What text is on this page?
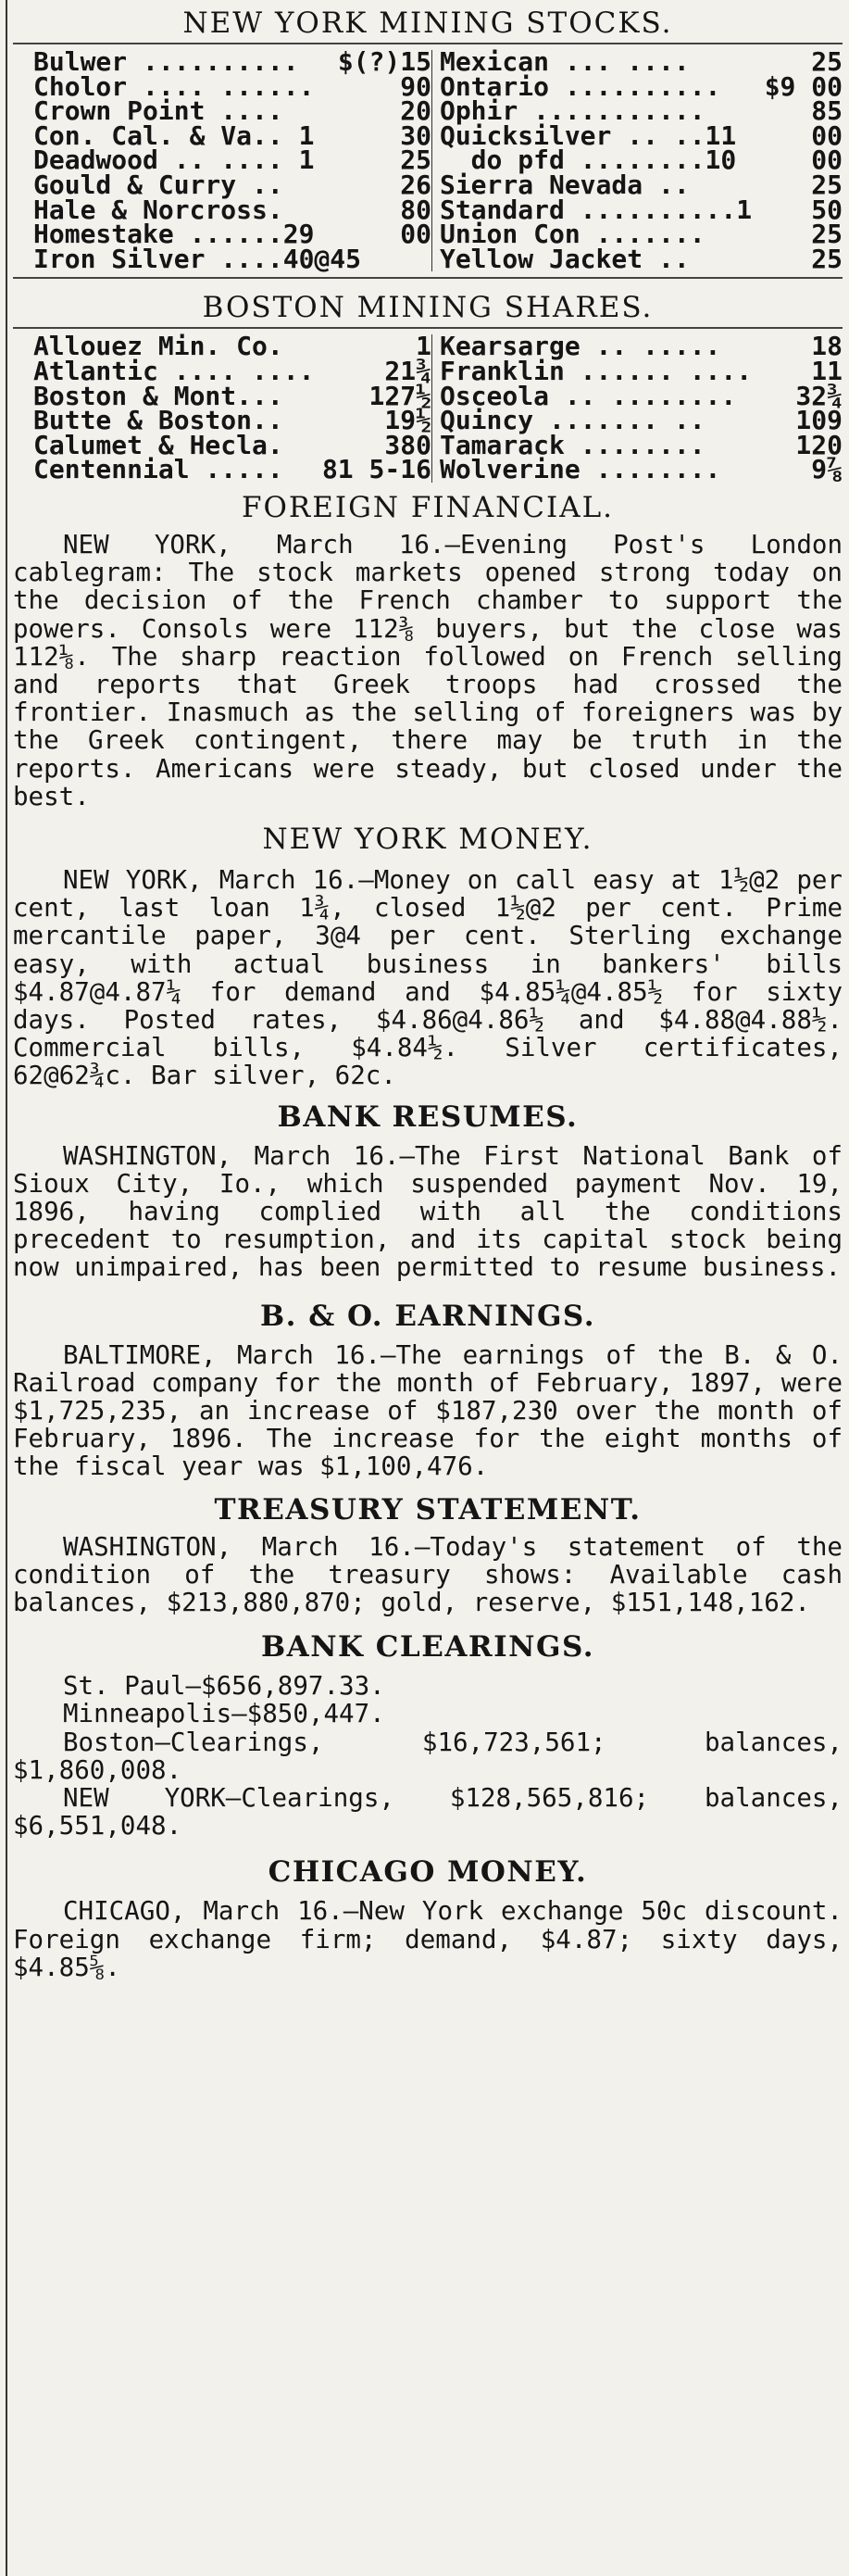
NEW YORK MINING STOCKS.
Bulwer .......... $(?)15	Mexican ... .... 25

Cholor .... ...... 90	Ontario .......... $9 00

Crown Point .... 20	Ophir ........... 85

Con. Cal. & Va.. 1 30	Quicksilver .. ..11 00

Deadwood .. .... 1 25	do pfd ........10 00

Gould & Curry .. 26	Sierra Nevada .. 25

Hale & Norcross. 80	Standard ..........1 50

Homestake ......29 00	Union Con ....... 25

Iron Silver ....40@45	Yellow Jacket .. 25
BOSTON MINING SHARES.
Allouez Min. Co. 1	Kearsarge .. ..... 18

Atlantic .... .... 21¾	Franklin ...... .... 11

Boston & Mont... 127½	Osceola .. ........ 32¾

Butte & Boston.. 19½	Quincy ....... .. 109

Calumet & Hecla. 380	Tamarack ........ 120

Centennial ..... 81 5-16	Wolverine ........ 9⅞
FOREIGN FINANCIAL.

NEW YORK, March 16.—Evening Post's London cablegram: The stock markets opened strong today on the decision of the French chamber to support the powers. Consols were 112⅜ buyers, but the close was 112⅛. The sharp reaction followed on French selling and reports that Greek troops had crossed the frontier. Inasmuch as the selling of foreigners was by the Greek contingent, there may be truth in the reports. Americans were steady, but closed under the best.

NEW YORK MONEY.

NEW YORK, March 16.—Money on call easy at 1½@2 per cent, last loan 1¾, closed 1½@2 per cent. Prime mercantile paper, 3@4 per cent. Sterling exchange easy, with actual business in bankers' bills $4.87@4.87¼ for demand and $4.85¼@4.85½ for sixty days. Posted rates, $4.86@4.86½ and $4.88@4.88½. Commercial bills, $4.84½. Silver certificates, 62@62¾c. Bar silver, 62c.

BANK RESUMES.

WASHINGTON, March 16.—The First National Bank of Sioux City, Io., which suspended payment Nov. 19, 1896, having complied with all the conditions precedent to resumption, and its capital stock being now unimpaired, has been permitted to resume business.

B. & O. EARNINGS.

BALTIMORE, March 16.—The earnings of the B. & O. Railroad company for the month of February, 1897, were $1,725,235, an increase of $187,230 over the month of February, 1896. The increase for the eight months of the fiscal year was $1,100,476.

TREASURY STATEMENT.

WASHINGTON, March 16.—Today's statement of the condition of the treasury shows: Available cash balances, $213,880,870; gold, reserve, $151,148,162.

BANK CLEARINGS.

St. Paul—$656,897.33.

Minneapolis—$850,447.

Boston—Clearings, $16,723,561; balances, $1,860,008.

NEW YORK—Clearings, $128,565,816; balances, $6,551,048.

CHICAGO MONEY.

CHICAGO, March 16.—New York exchange 50c discount. Foreign exchange firm; demand, $4.87; sixty days, $4.85⅝.
